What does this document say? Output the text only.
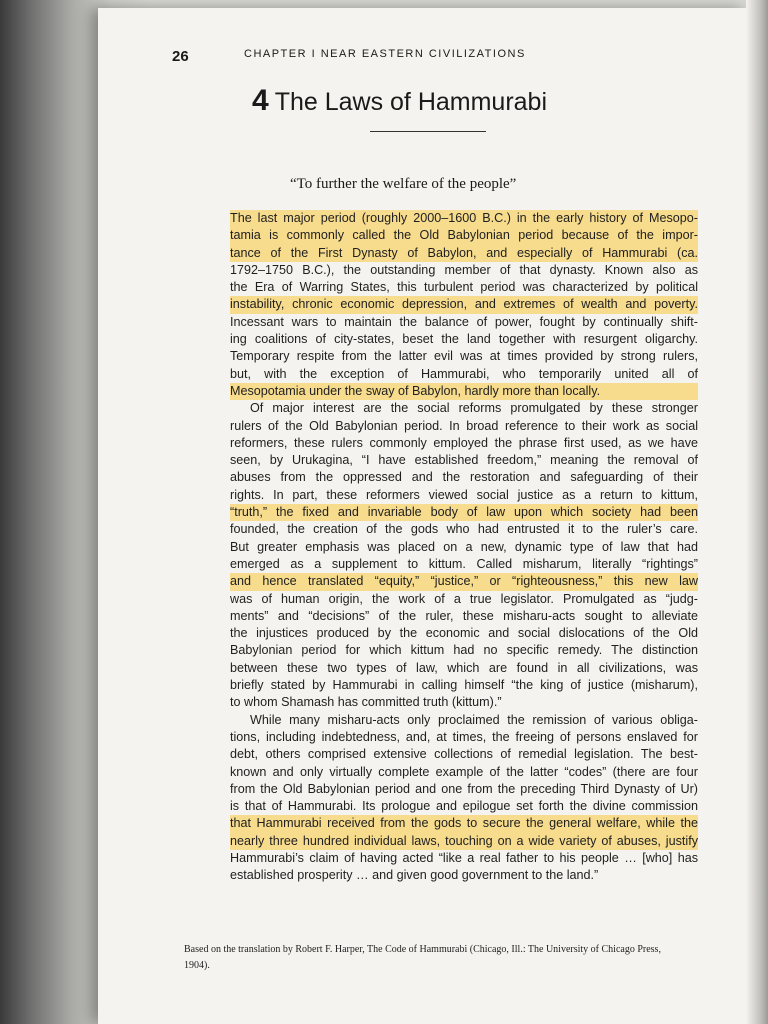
26	CHAPTER I NEAR EASTERN CIVILIZATIONS
4 The Laws of Hammurabi
“To further the welfare of the people”
The last major period (roughly 2000–1600 B.C.) in the early history of Mesopo-
tamia is commonly called the Old Babylonian period because of the impor-
tance of the First Dynasty of Babylon, and especially of Hammurabi (ca.
1792–1750 B.C.), the outstanding member of that dynasty. Known also as
the Era of Warring States, this turbulent period was characterized by political
instability, chronic economic depression, and extremes of wealth and poverty.
Incessant wars to maintain the balance of power, fought by continually shift-
ing coalitions of city-states, beset the land together with resurgent oligarchy.
Temporary respite from the latter evil was at times provided by strong rulers,
but, with the exception of Hammurabi, who temporarily united all of
Mesopotamia under the sway of Babylon, hardly more than locally.
Of major interest are the social reforms promulgated by these stronger
rulers of the Old Babylonian period. In broad reference to their work as social
reformers, these rulers commonly employed the phrase first used, as we have
seen, by Urukagina, “I have established freedom,” meaning the removal of
abuses from the oppressed and the restoration and safeguarding of their
rights. In part, these reformers viewed social justice as a return to kittum,
“truth,” the fixed and invariable body of law upon which society had been
founded, the creation of the gods who had entrusted it to the ruler’s care.
But greater emphasis was placed on a new, dynamic type of law that had
emerged as a supplement to kittum. Called misharum, literally “rightings”
and hence translated “equity,” “justice,” or “righteousness,” this new law
was of human origin, the work of a true legislator. Promulgated as “judg-
ments” and “decisions” of the ruler, these misharu-acts sought to alleviate
the injustices produced by the economic and social dislocations of the Old
Babylonian period for which kittum had no specific remedy. The distinction
between these two types of law, which are found in all civilizations, was
briefly stated by Hammurabi in calling himself “the king of justice (misharum),
to whom Shamash has committed truth (kittum).”
While many misharu-acts only proclaimed the remission of various obliga-
tions, including indebtedness, and, at times, the freeing of persons enslaved for
debt, others comprised extensive collections of remedial legislation. The best-
known and only virtually complete example of the latter “codes” (there are four
from the Old Babylonian period and one from the preceding Third Dynasty of Ur)
is that of Hammurabi. Its prologue and epilogue set forth the divine commission
that Hammurabi received from the gods to secure the general welfare, while the
nearly three hundred individual laws, touching on a wide variety of abuses, justify
Hammurabi’s claim of having acted “like a real father to his people … [who] has
established prosperity … and given good government to the land.”
Based on the translation by Robert F. Harper, The Code of Hammurabi (Chicago, Ill.: The University of Chicago Press,
1904).
